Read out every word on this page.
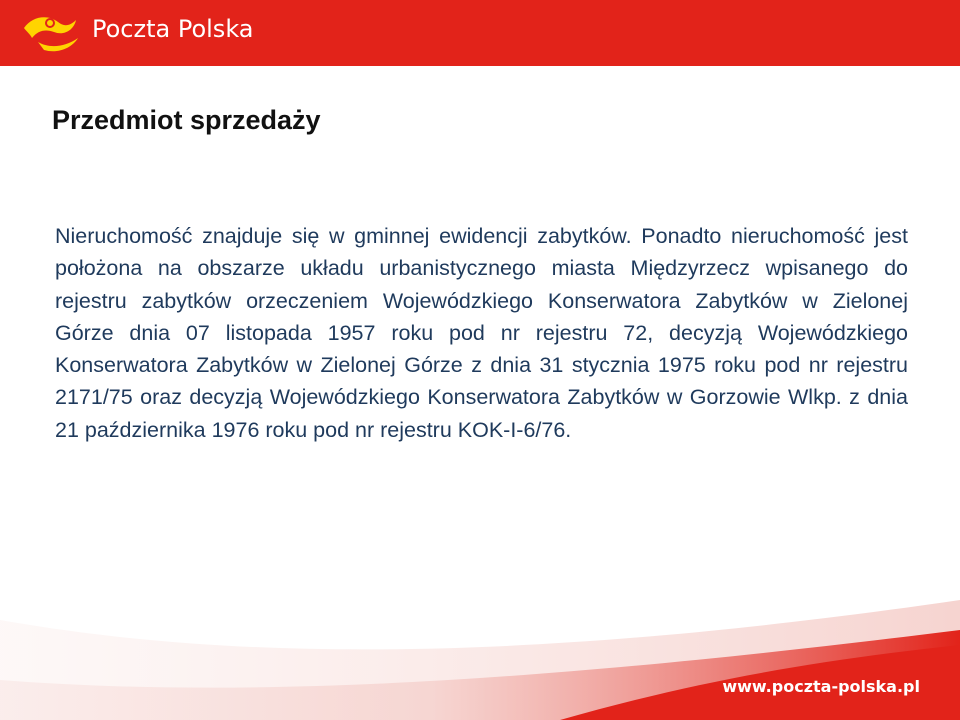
Poczta Polska
Przedmiot sprzedaży

Nieruchomość znajduje się w gminnej ewidencji zabytków. Ponadto nieruchomość jest położona na obszarze układu urbanistycznego miasta Międzyrzecz wpisanego do rejestru zabytków orzeczeniem Wojewódzkiego Konserwatora Zabytków w Zielonej Górze dnia 07 listopada 1957 roku pod nr rejestru 72, decyzją Wojewódzkiego Konserwatora Zabytków w Zielonej Górze z dnia 31 stycznia 1975 roku pod nr rejestru 2171/75 oraz decyzją Wojewódzkiego Konserwatora Zabytków w Gorzowie Wlkp. z dnia 21 października 1976 roku pod nr rejestru KOK-I-6/76.

www.poczta-polska.pl
